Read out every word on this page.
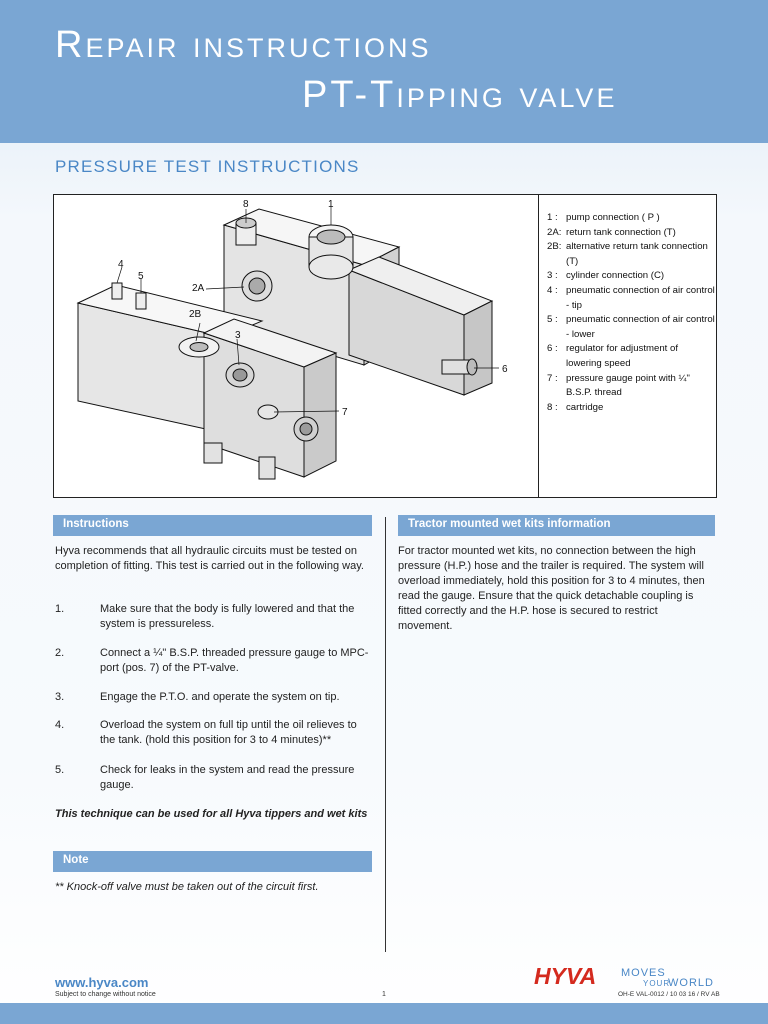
Repair instructions
PT-Tipping valve
PRESSURE TEST INSTRUCTIONS
8	1
4
5
2A
2B
3
6
7
1 : pump connection ( P )
2A: return tank connection (T)
2B: alternative return tank connection (T)
3 : cylinder connection (C)
4 : pneumatic connection of air control - tip
5 : pneumatic connection of air control - lower
6 : regulator for adjustment of lowering speed
7 : pressure gauge point with ¼" B.S.P. thread
8 : cartridge
Instructions
Hyva recommends that all hydraulic circuits must be tested on completion of fitting. This test is carried out in the following way.
1.	Make sure that the body is fully lowered and that the system is pressureless.
2.	Connect a ¼" B.S.P. threaded pressure gauge to MPC-port (pos. 7) of the PT-valve.
3.	Engage the P.T.O. and operate the system on tip.
4.	Overload the system on full tip until the oil relieves to the tank. (hold this position for 3 to 4 minutes)**
5.	Check for leaks in the system and read the pressure gauge.
This technique can be used for all Hyva tippers and wet kits
Note
** Knock-off valve must be taken out of the circuit first.
Tractor mounted wet kits information
For tractor mounted wet kits, no connection between the high pressure (H.P.) hose and the trailer is required. The system will overload immediately, hold this position for 3 to 4 minutes, then read the gauge. Ensure that the quick detachable coupling is fitted correctly and the H.P. hose is secured to restrict movement.
www.hyva.com
Subject to change without notice	1
HYVA MOVES
YOUR
WORLD
OH-E VAL-0012 / 10 03 16 / RV AB
